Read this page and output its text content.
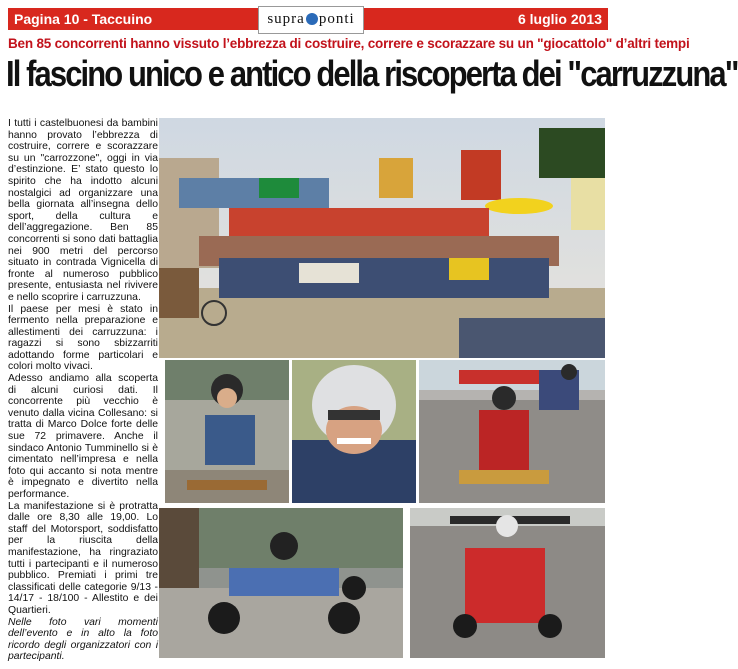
Pagina 10 - Taccuino	supra ponti	6 luglio 2013
Ben 85 concorrenti hanno vissuto l’ebbrezza di costruire, correre e scorazzare su un "giocattolo" d’altri tempi
Il fascino unico e antico della riscoperta dei "carruzzuna"

I tutti i castelbuonesi da bambini hanno provato l’ebbrezza di costruire, correre e scorazzare su un "carrozzone", oggi in via d’estinzione. E’ stato questo lo spirito che ha indotto alcuni nostalgici ad organizzare una bella giornata all’insegna dello sport, della cultura e dell’aggregazione. Ben 85 concorrenti si sono dati battaglia nei 900 metri del percorso situato in contrada Vignicella di fronte al numeroso pubblico presente, entusiasta nel rivivere e nello scoprire i carruzzuna.

Il paese per mesi è stato in fermento nella preparazione e allestimenti dei carruzzuna: i ragazzi si sono sbizzarriti adottando forme particolari e colori molto vivaci.

Adesso andiamo alla scoperta di alcuni curiosi dati. Il concorrente più vecchio è venuto dalla vicina Collesano: si tratta di Marco Dolce forte delle sue 72 primavere. Anche il sindaco Antonio Tumminello si è cimentato nell’impresa e nella foto qui accanto si nota mentre è impegnato e divertito nella performance.

La manifestazione si è protratta dalle ore 8,30 alle 19,00. Lo staff del Motorsport, soddisfatto per la riuscita della manifestazione, ha ringraziato tutti i partecipanti e il numeroso pubblico. Premiati i primi tre classificati delle categorie 9/13 - 14/17 - 18/100 - Allestito e dei Quartieri.

Nelle foto vari momenti dell’evento e in alto la foto ricordo degli organizzatori con i partecipanti.
